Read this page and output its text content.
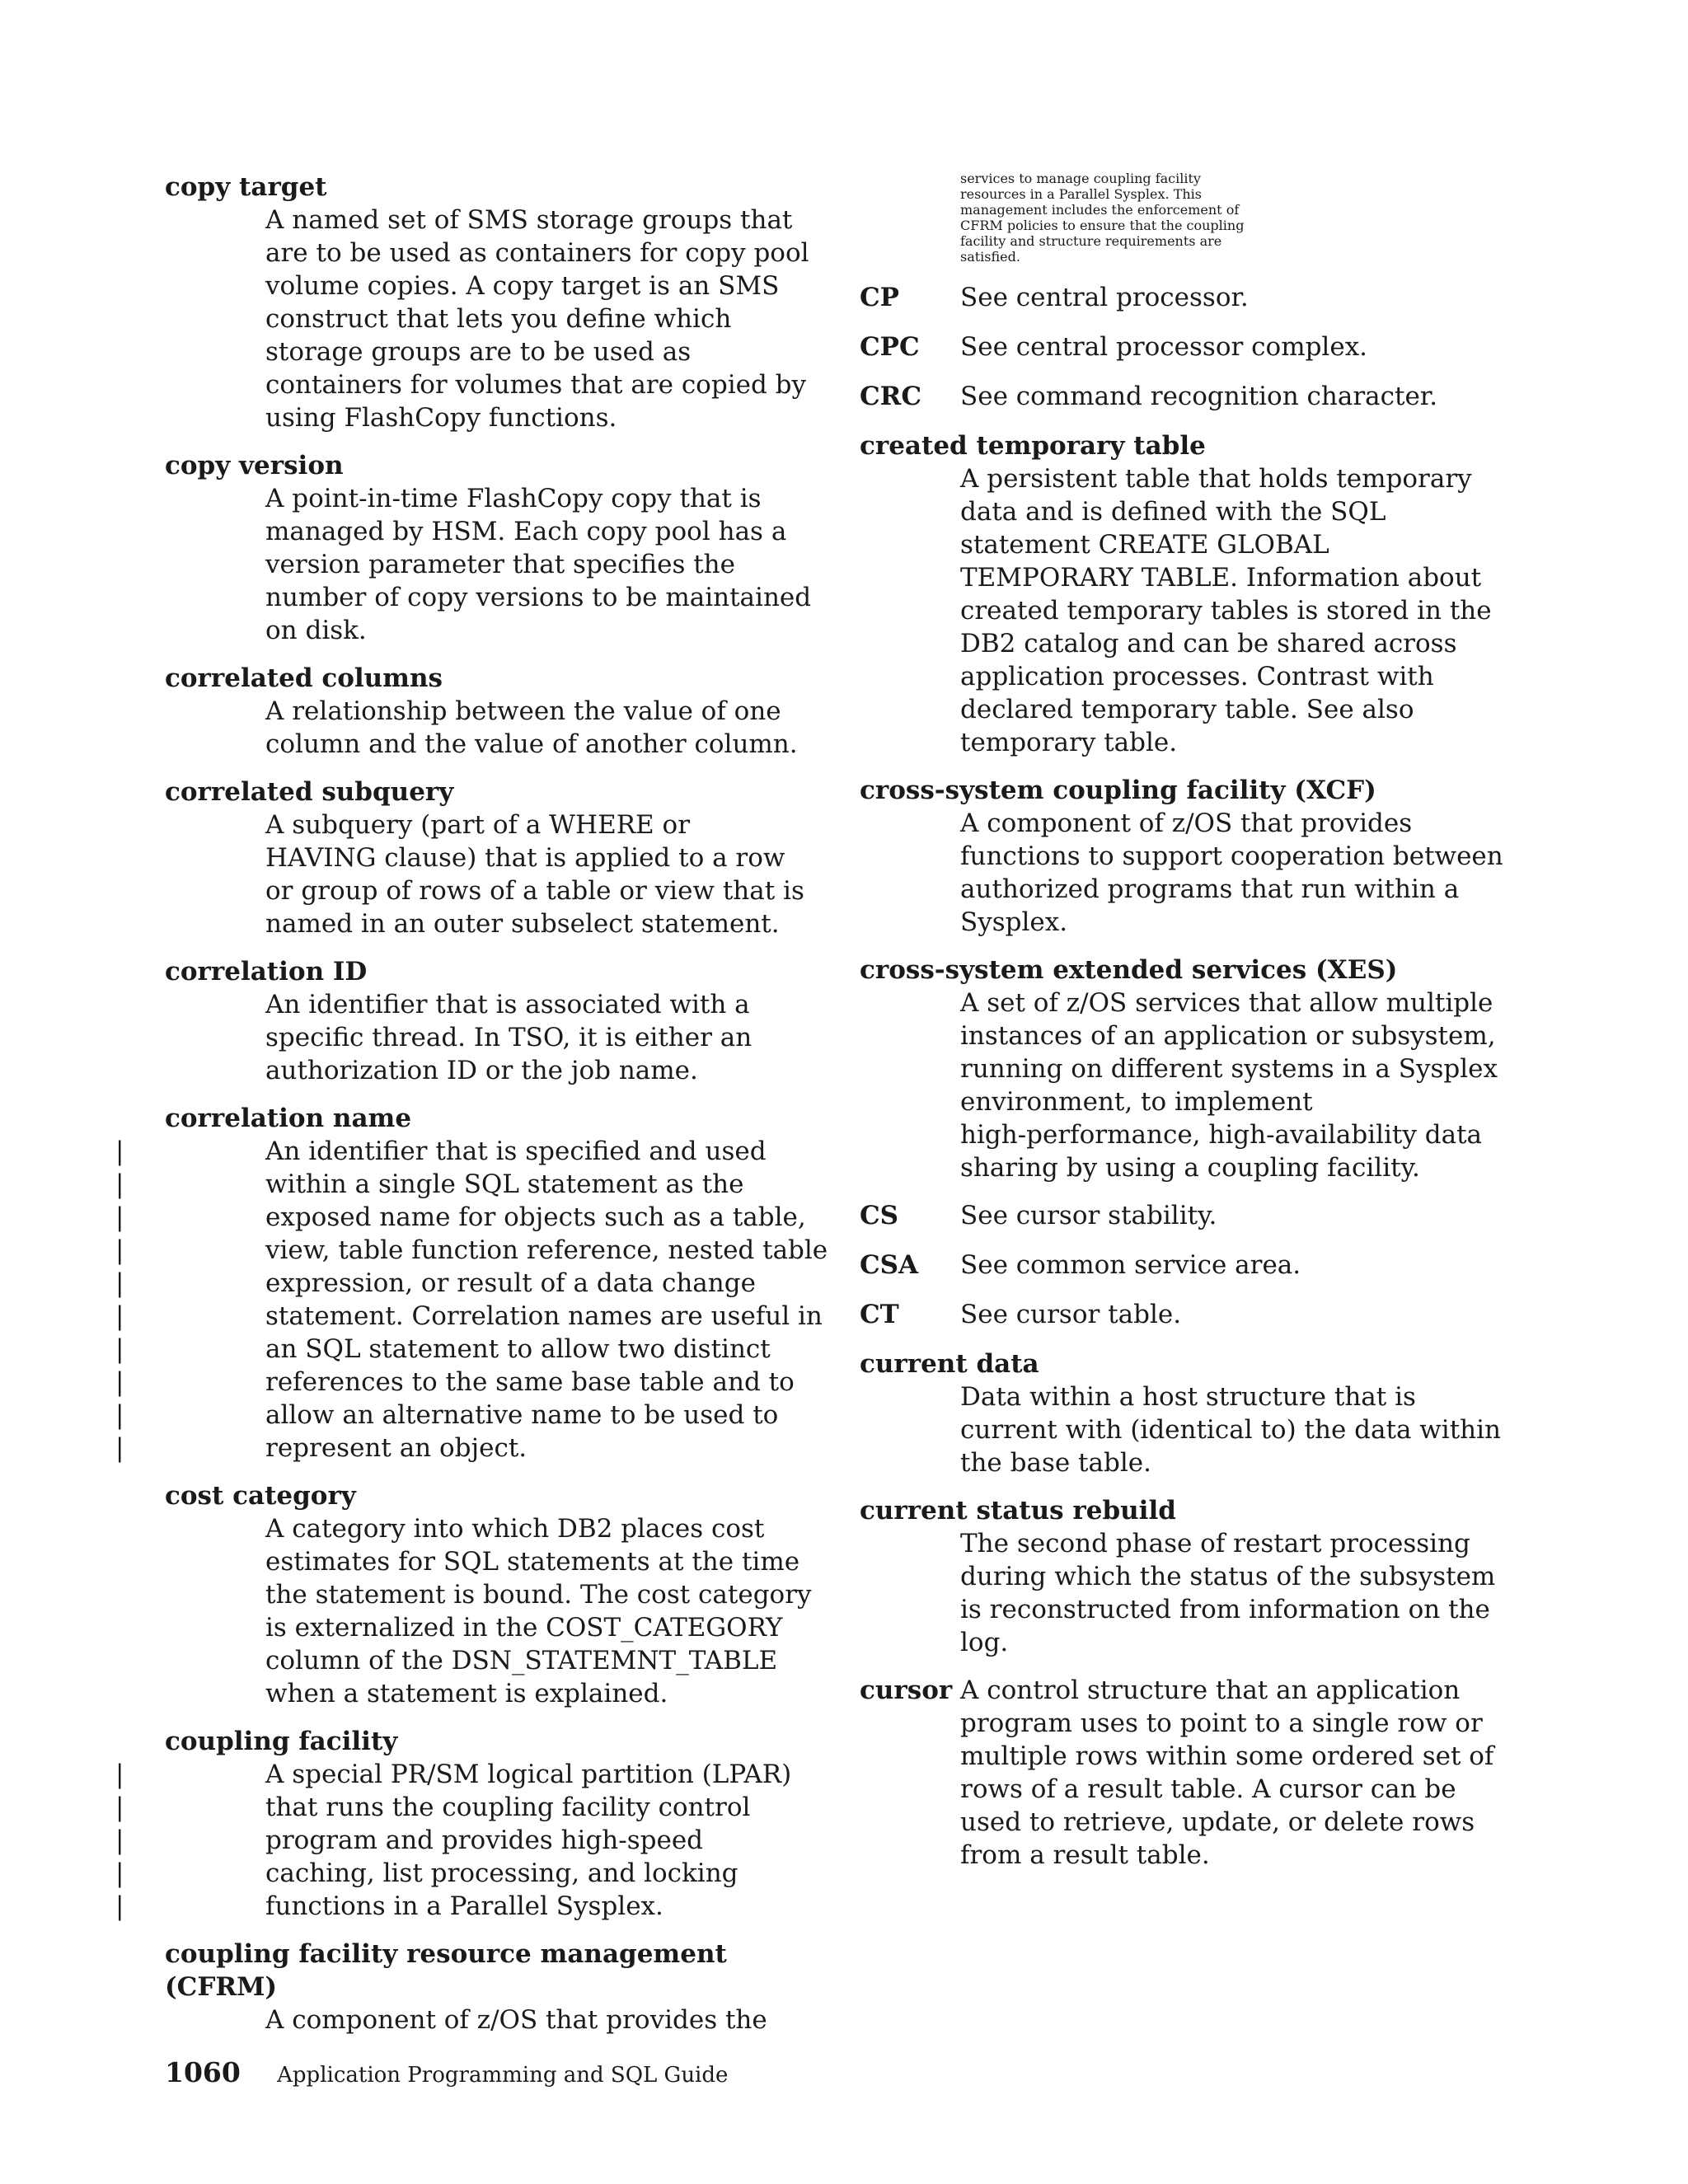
copy target
A named set of SMS storage groups that
are to be used as containers for copy pool
volume copies. A copy target is an SMS
construct that lets you define which
storage groups are to be used as
containers for volumes that are copied by
using FlashCopy functions.
copy version
A point-in-time FlashCopy copy that is
managed by HSM. Each copy pool has a
version parameter that specifies the
number of copy versions to be maintained
on disk.
correlated columns
A relationship between the value of one
column and the value of another column.
correlated subquery
A subquery (part of a WHERE or
HAVING clause) that is applied to a row
or group of rows of a table or view that is
named in an outer subselect statement.
correlation ID
An identifier that is associated with a
specific thread. In TSO, it is either an
authorization ID or the job name.
correlation name
|	An identifier that is specified and used
|	within a single SQL statement as the
|	exposed name for objects such as a table,
|	view, table function reference, nested table
|	expression, or result of a data change
|	statement. Correlation names are useful in
|	an SQL statement to allow two distinct
|	references to the same base table and to
|	allow an alternative name to be used to
|	represent an object.
cost category
A category into which DB2 places cost
estimates for SQL statements at the time
the statement is bound. The cost category
is externalized in the COST_CATEGORY
column of the DSN_STATEMNT_TABLE
when a statement is explained.
coupling facility
|	A special PR/SM logical partition (LPAR)
|	that runs the coupling facility control
|	program and provides high-speed
|	caching, list processing, and locking
|	functions in a Parallel Sysplex.
coupling facility resource management (CFRM)
A component of z/OS that provides the
services to manage coupling facility
resources in a Parallel Sysplex. This
management includes the enforcement of
CFRM policies to ensure that the coupling
facility and structure requirements are
satisfied.
CP	See central processor.
CPC	See central processor complex.
CRC	See command recognition character.
created temporary table
A persistent table that holds temporary
data and is defined with the SQL
statement CREATE GLOBAL
TEMPORARY TABLE. Information about
created temporary tables is stored in the
DB2 catalog and can be shared across
application processes. Contrast with
declared temporary table. See also
temporary table.
cross-system coupling facility (XCF)
A component of z/OS that provides
functions to support cooperation between
authorized programs that run within a
Sysplex.
cross-system extended services (XES)
A set of z/OS services that allow multiple
instances of an application or subsystem,
running on different systems in a Sysplex
environment, to implement
high-performance, high-availability data
sharing by using a coupling facility.
CS	See cursor stability.
CSA	See common service area.
CT	See cursor table.
current data
Data within a host structure that is
current with (identical to) the data within
the base table.
current status rebuild
The second phase of restart processing
during which the status of the subsystem
is reconstructed from information on the
log.
cursor A control structure that an application
program uses to point to a single row or
multiple rows within some ordered set of
rows of a result table. A cursor can be
used to retrieve, update, or delete rows
from a result table.
1060 Application Programming and SQL Guide
